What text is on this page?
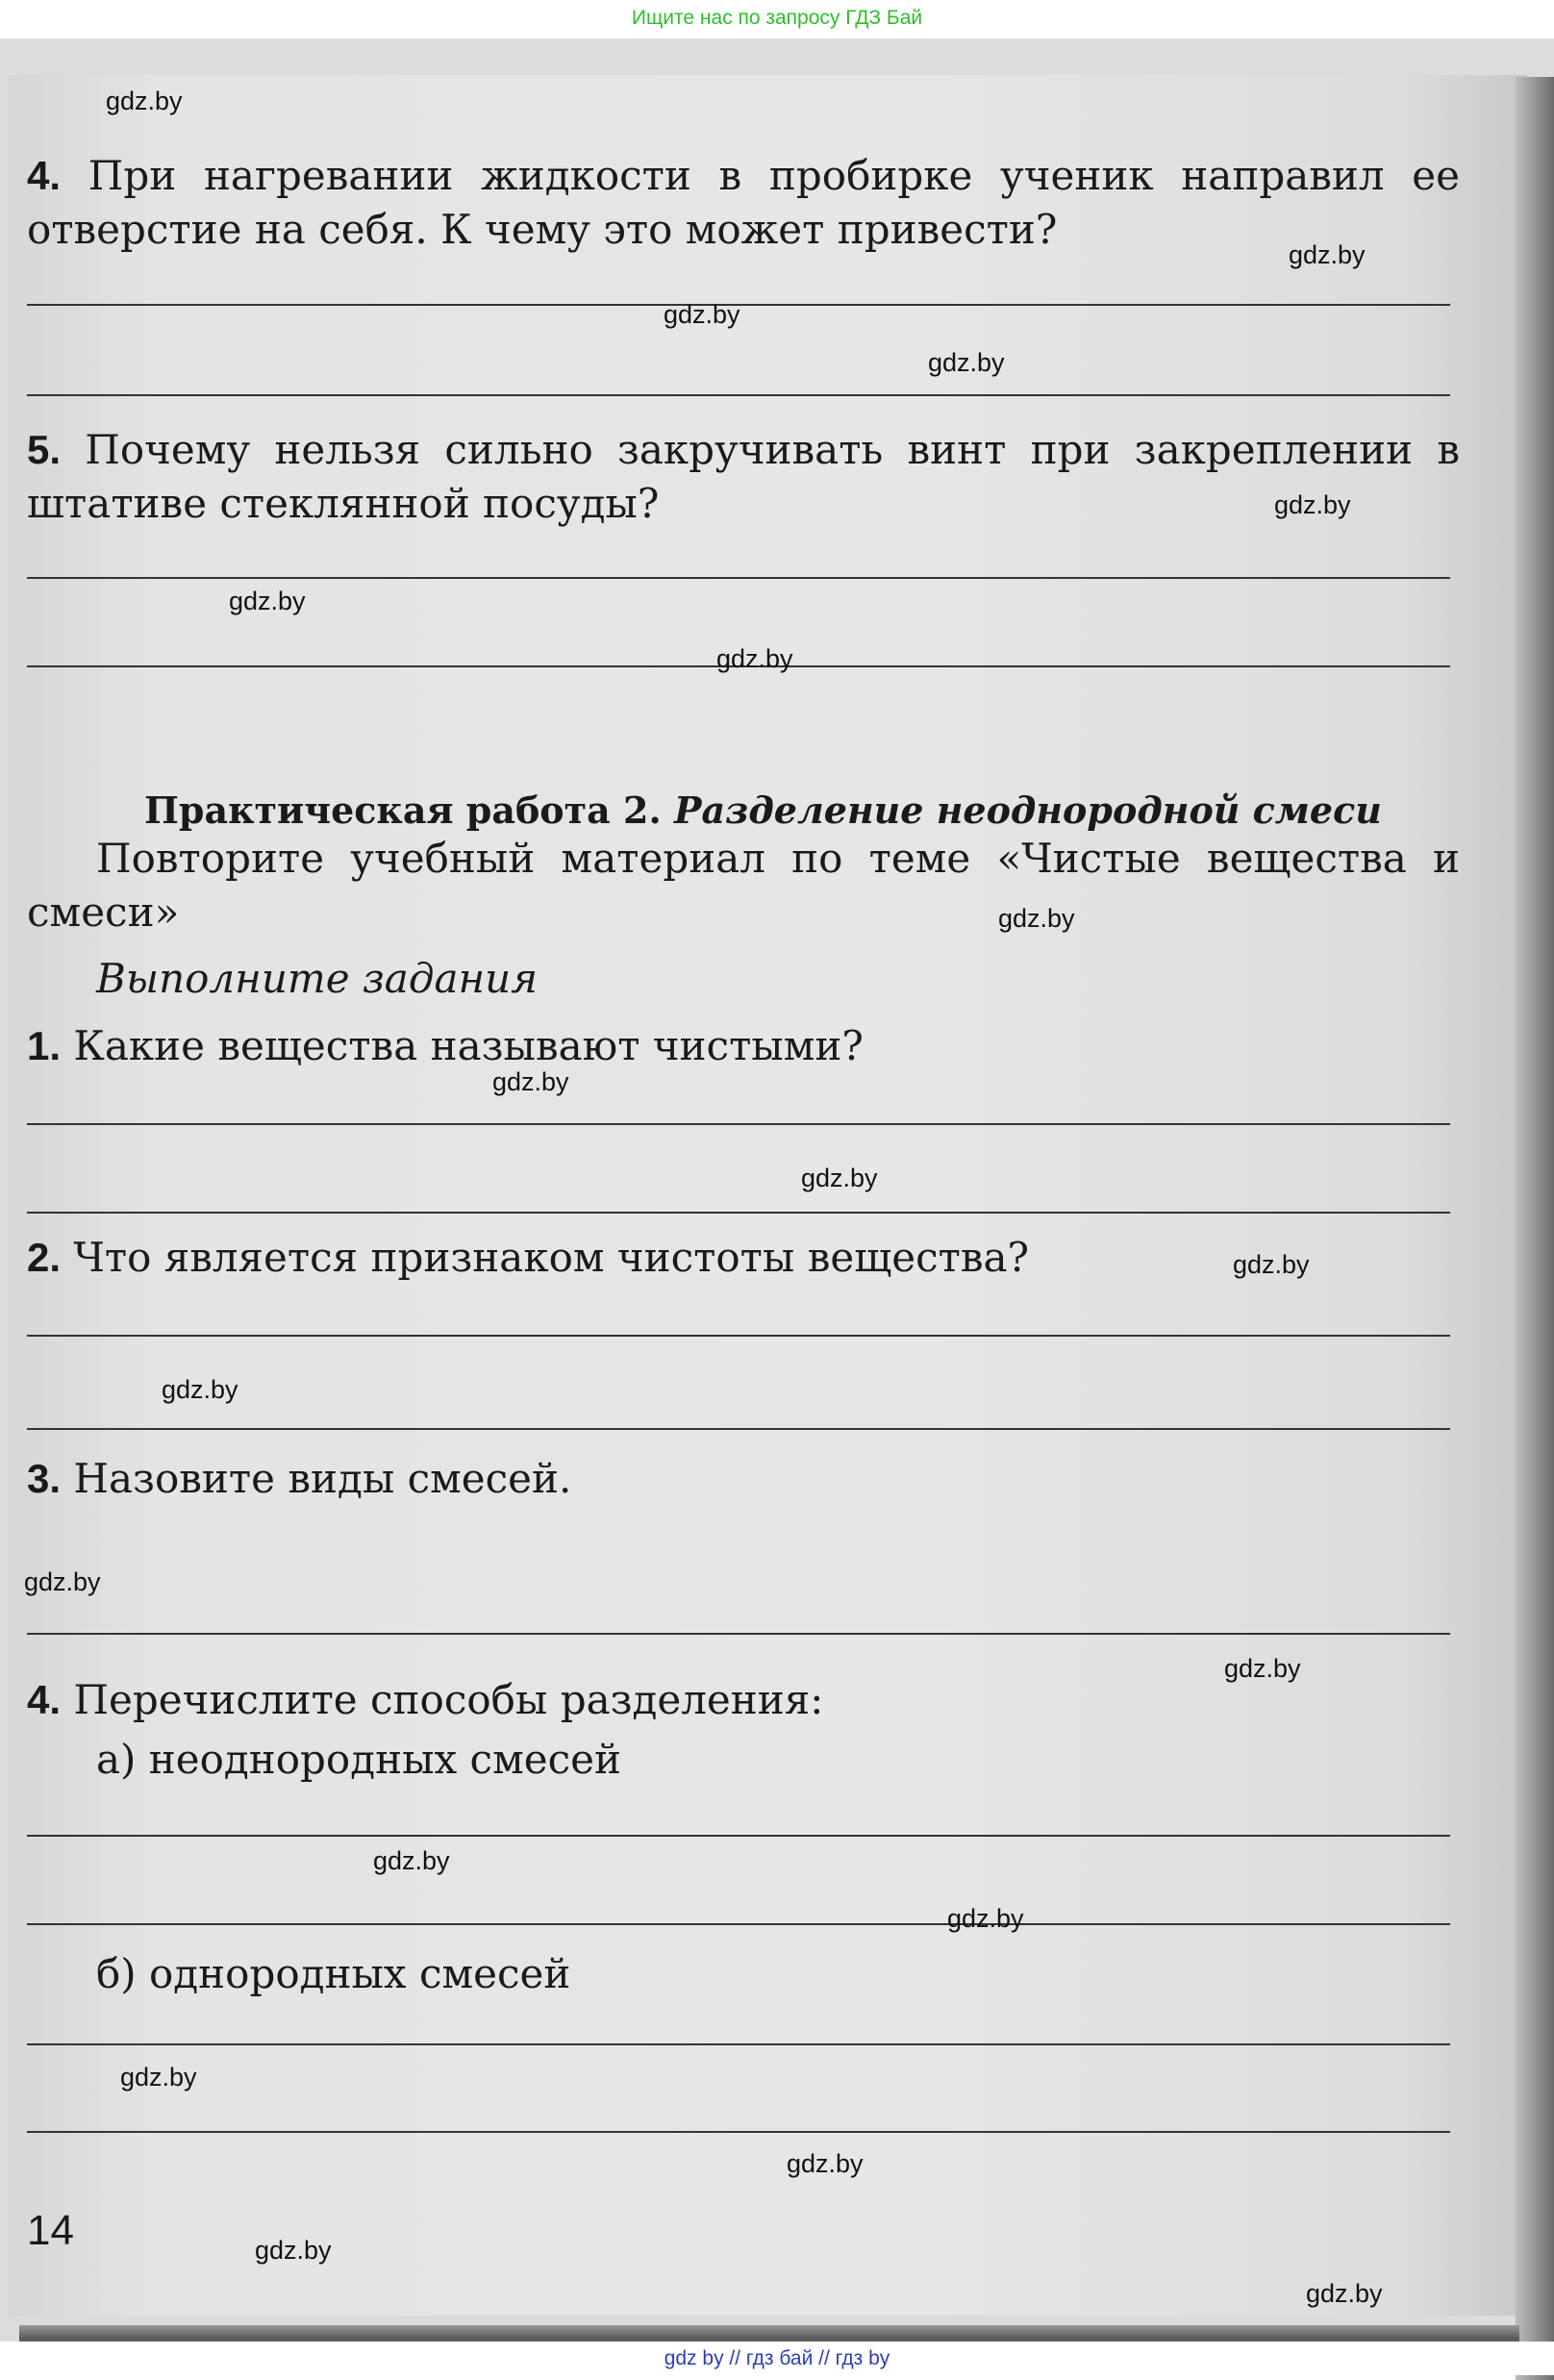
Ищите нас по запросу ГДЗ Бай
4. При нагревании жидкости в пробирке ученик направил ее отверстие на себя. К чему это может привести?
5. Почему нельзя сильно закручивать винт при закреплении в штативе стеклянной посуды?
Практическая работа 2. Разделение неоднородной смеси
Повторите учебный материал по теме «Чистые вещества и смеси»
Выполните задания
1. Какие вещества называют чистыми?
2. Что является признаком чистоты вещества?
3. Назовите виды смесей.
4. Перечислите способы разделения:
а) неоднородных смесей
б) однородных смесей
14
gdz.by
gdz.by
gdz.by
gdz.by
gdz.by
gdz.by
gdz.by
gdz.by
gdz.by
gdz.by
gdz.by
gdz.by
gdz.by
gdz.by
gdz.by
gdz.by
gdz.by
gdz.by
gdz.by
gdz.by
gdz by // гдз бай // гдз by
